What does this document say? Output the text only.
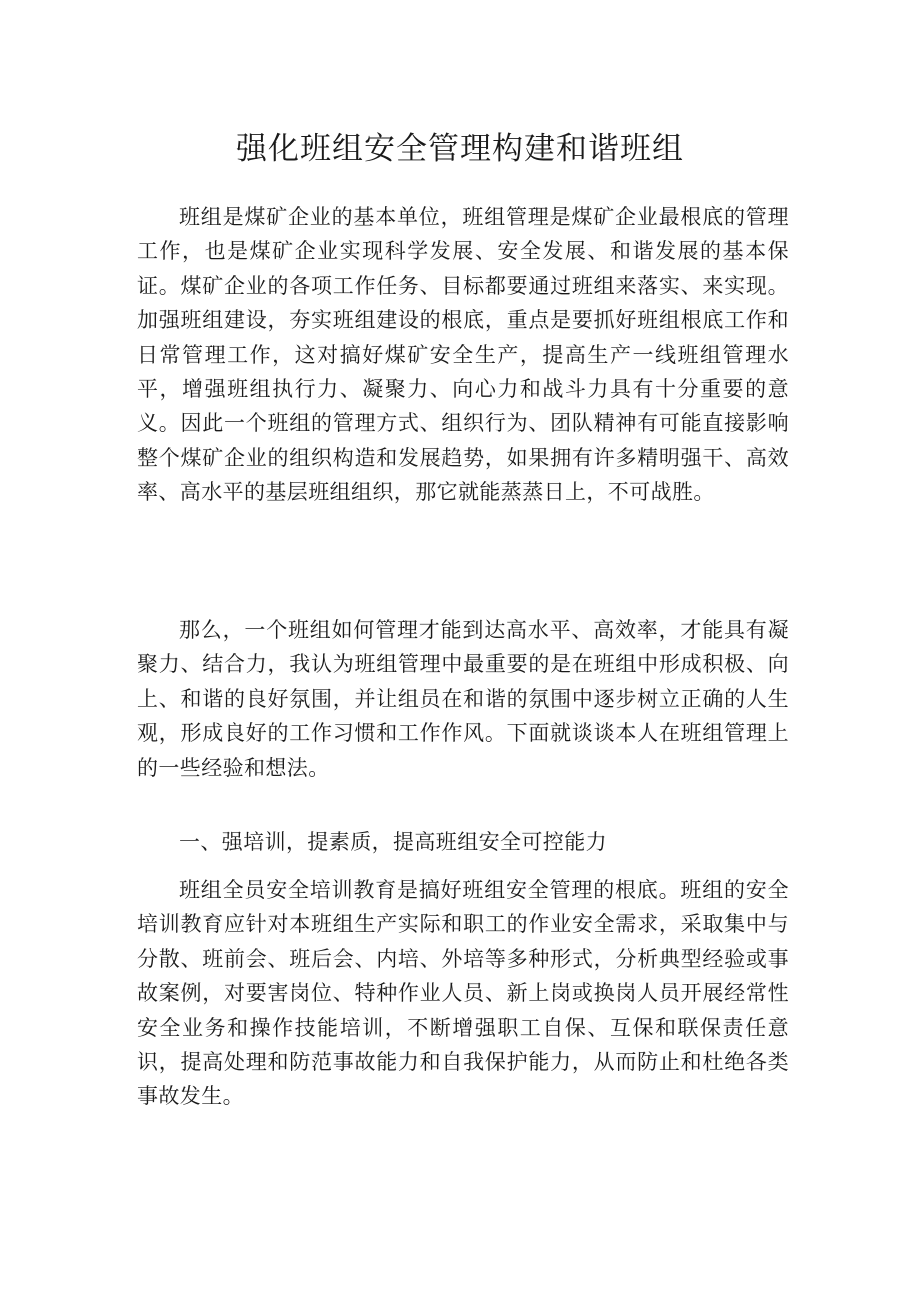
强化班组安全管理构建和谐班组

班组是煤矿企业的基本单位，班组管理是煤矿企业最根底的管理工作，也是煤矿企业实现科学发展、安全发展、和谐发展的基本保证。煤矿企业的各项工作任务、目标都要通过班组来落实、来实现。加强班组建设，夯实班组建设的根底，重点是要抓好班组根底工作和日常管理工作，这对搞好煤矿安全生产，提高生产一线班组管理水平，增强班组执行力、凝聚力、向心力和战斗力具有十分重要的意义。因此一个班组的管理方式、组织行为、团队精神有可能直接影响整个煤矿企业的组织构造和发展趋势，如果拥有许多精明强干、高效率、高水平的基层班组组织，那它就能蒸蒸日上，不可战胜。

那么，一个班组如何管理才能到达高水平、高效率，才能具有凝聚力、结合力，我认为班组管理中最重要的是在班组中形成积极、向上、和谐的良好氛围，并让组员在和谐的氛围中逐步树立正确的人生观，形成良好的工作习惯和工作作风。下面就谈谈本人在班组管理上的一些经验和想法。

一、强培训，提素质，提高班组安全可控能力

班组全员安全培训教育是搞好班组安全管理的根底。班组的安全培训教育应针对本班组生产实际和职工的作业安全需求，采取集中与分散、班前会、班后会、内培、外培等多种形式，分析典型经验或事故案例，对要害岗位、特种作业人员、新上岗或换岗人员开展经常性安全业务和操作技能培训，不断增强职工自保、互保和联保责任意识，提高处理和防范事故能力和自我保护能力，从而防止和杜绝各类事故发生。
